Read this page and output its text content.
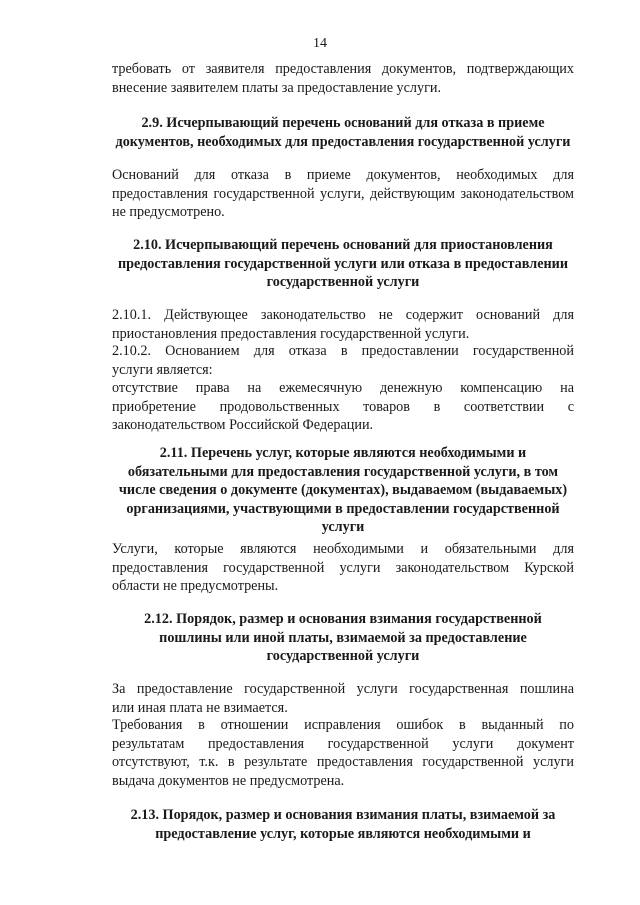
14
требовать от заявителя предоставления документов, подтверждающих
внесение заявителем платы за предоставление услуги.
2.9. Исчерпывающий перечень оснований для отказа в приеме
документов, необходимых для предоставления государственной услуги
Оснований для отказа в приеме документов, необходимых для
предоставления государственной услуги, действующим законодательством
не предусмотрено.
2.10. Исчерпывающий перечень оснований для приостановления
предоставления государственной услуги или отказа в предоставлении
государственной услуги
2.10.1. Действующее законодательство не содержит оснований для
приостановления предоставления государственной услуги.
2.10.2. Основанием для отказа в предоставлении государственной
услуги является:
отсутствие права на ежемесячную денежную компенсацию на
приобретение продовольственных товаров в соответствии с
законодательством Российской Федерации.
2.11. Перечень услуг, которые являются необходимыми и
обязательными для предоставления государственной услуги, в том
числе сведения о документе (документах), выдаваемом (выдаваемых)
организациями, участвующими в предоставлении государственной
услуги
Услуги, которые являются необходимыми и обязательными для
предоставления государственной услуги законодательством Курской
области не предусмотрены.
2.12. Порядок, размер и основания взимания государственной
пошлины или иной платы, взимаемой за предоставление
государственной услуги
За предоставление государственной услуги государственная пошлина
или иная плата не взимается.
Требования в отношении исправления ошибок в выданный по
результатам предоставления государственной услуги документ
отсутствуют, т.к. в результате предоставления государственной услуги
выдача документов не предусмотрена.
2.13. Порядок, размер и основания взимания платы, взимаемой за
предоставление услуг, которые являются необходимыми и
